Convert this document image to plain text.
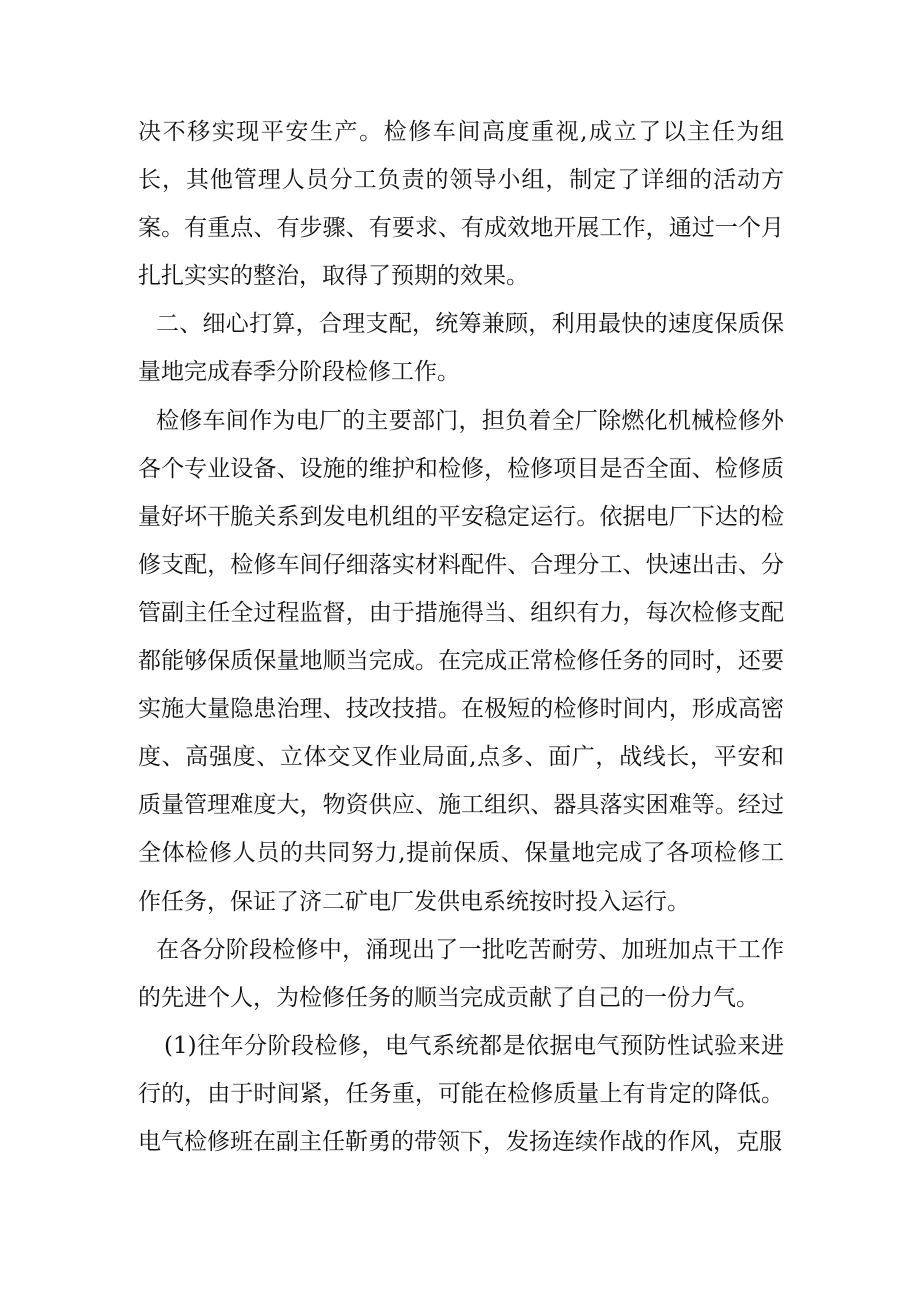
决不移实现平安生产。检修车间高度重视,成立了以主任为组长，其他管理人员分工负责的领导小组，制定了详细的活动方案。有重点、有步骤、有要求、有成效地开展工作，通过一个月扎扎实实的整治，取得了预期的效果。

二、细心打算，合理支配，统筹兼顾，利用最快的速度保质保量地完成春季分阶段检修工作。

检修车间作为电厂的主要部门，担负着全厂除燃化机械检修外各个专业设备、设施的维护和检修，检修项目是否全面、检修质量好坏干脆关系到发电机组的平安稳定运行。依据电厂下达的检修支配，检修车间仔细落实材料配件、合理分工、快速出击、分管副主任全过程监督，由于措施得当、组织有力，每次检修支配都能够保质保量地顺当完成。在完成正常检修任务的同时，还要实施大量隐患治理、技改技措。在极短的检修时间内，形成高密度、高强度、立体交叉作业局面,点多、面广，战线长，平安和质量管理难度大，物资供应、施工组织、器具落实困难等。经过全体检修人员的共同努力,提前保质、保量地完成了各项检修工作任务，保证了济二矿电厂发供电系统按时投入运行。

在各分阶段检修中，涌现出了一批吃苦耐劳、加班加点干工作的先进个人，为检修任务的顺当完成贡献了自己的一份力气。

(1)往年分阶段检修，电气系统都是依据电气预防性试验来进行的，由于时间紧，任务重，可能在检修质量上有肯定的降低。电气检修班在副主任靳勇的带领下，发扬连续作战的作风，克服
